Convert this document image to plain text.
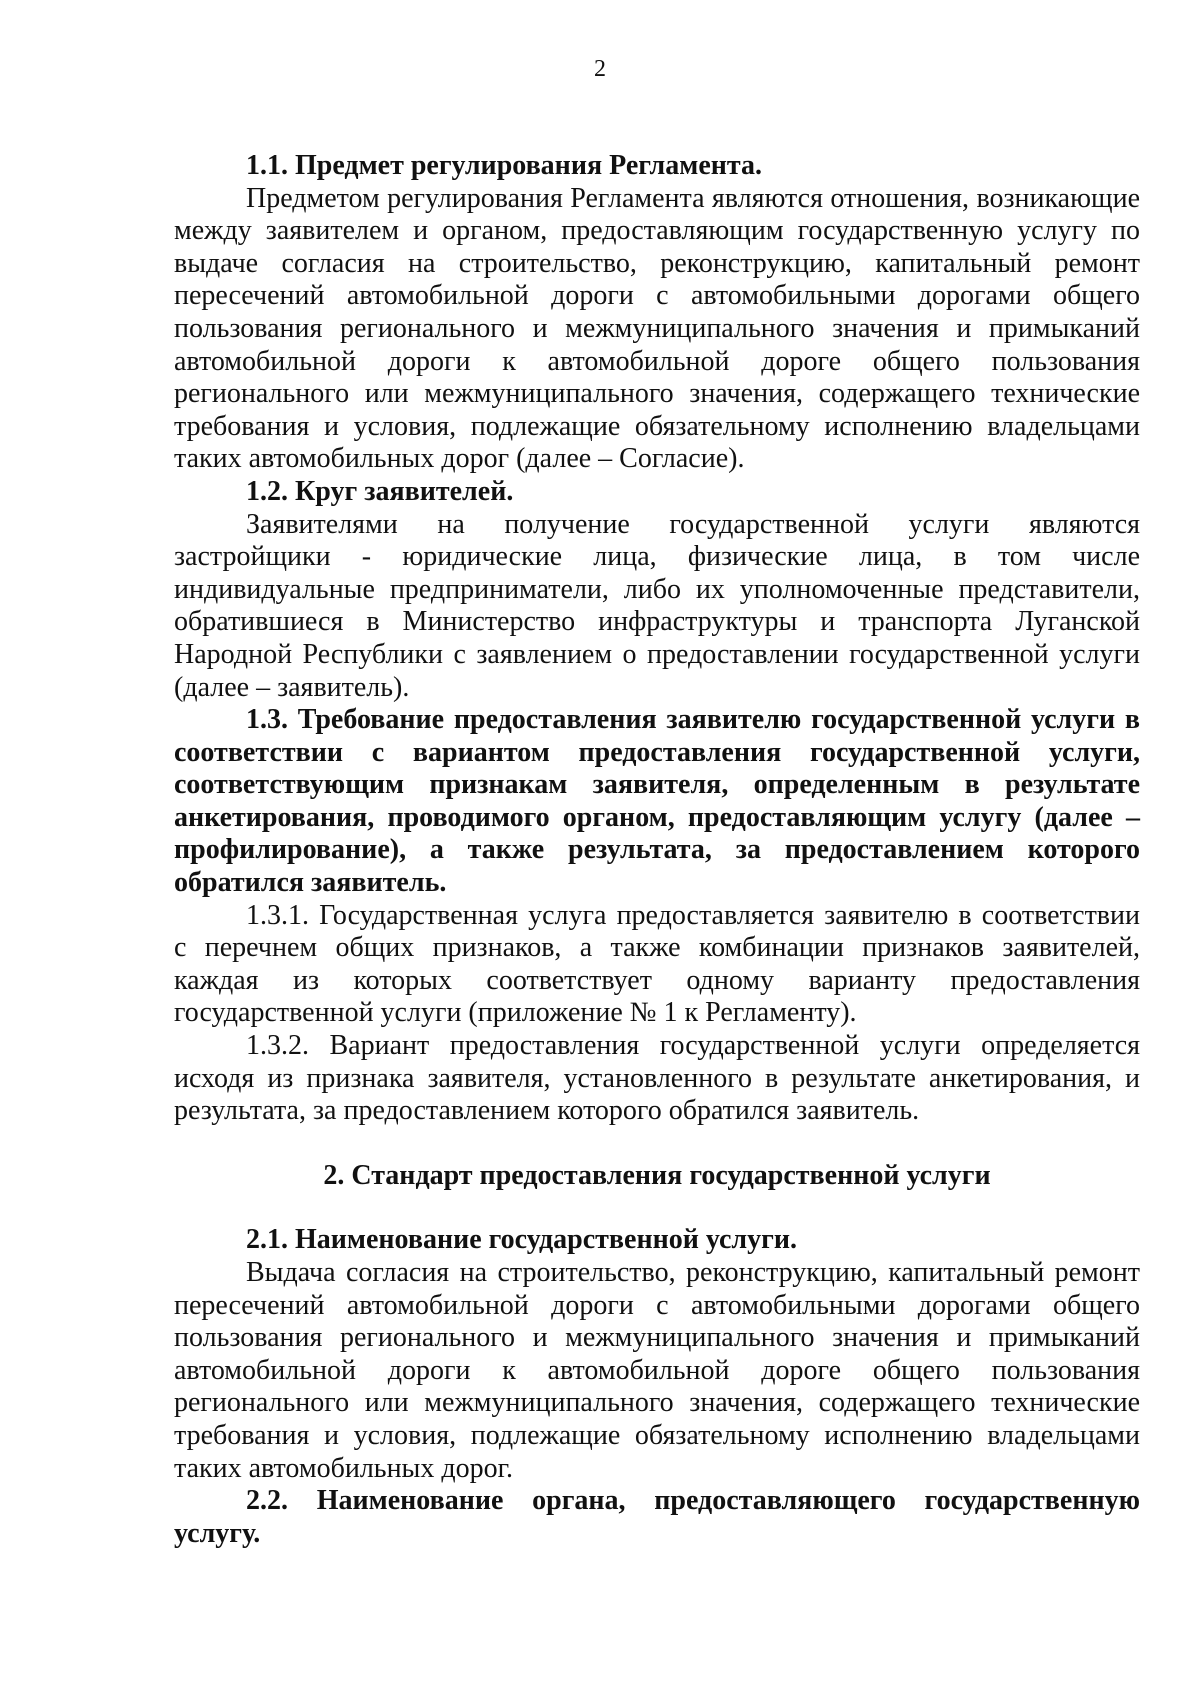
2

1.1. Предмет регулирования Регламента.

Предметом регулирования Регламента являются отношения, возникающие между заявителем и органом, предоставляющим государственную услугу по выдаче согласия на строительство, реконструкцию, капитальный ремонт пересечений автомобильной дороги с автомобильными дорогами общего пользования регионального и межмуниципального значения и примыканий автомобильной дороги к автомобильной дороге общего пользования регионального или межмуниципального значения, содержащего технические требования и условия, подлежащие обязательному исполнению владельцами таких автомобильных дорог (далее – Согласие).

1.2. Круг заявителей.

Заявителями на получение государственной услуги являются застройщики - юридические лица, физические лица, в том числе индивидуальные предприниматели, либо их уполномоченные представители, обратившиеся в Министерство инфраструктуры и транспорта Луганской Народной Республики с заявлением о предоставлении государственной услуги (далее – заявитель).

1.3. Требование предоставления заявителю государственной услуги в соответствии с вариантом предоставления государственной услуги, соответствующим признакам заявителя, определенным в результате анкетирования, проводимого органом, предоставляющим услугу (далее – профилирование), а также результата, за предоставлением которого обратился заявитель.

1.3.1. Государственная услуга предоставляется заявителю в соответствии с перечнем общих признаков, а также комбинации признаков заявителей, каждая из которых соответствует одному варианту предоставления государственной услуги (приложение № 1 к Регламенту).

1.3.2. Вариант предоставления государственной услуги определяется исходя из признака заявителя, установленного в результате анкетирования, и результата, за предоставлением которого обратился заявитель.

2. Стандарт предоставления государственной услуги

2.1. Наименование государственной услуги.

Выдача согласия на строительство, реконструкцию, капитальный ремонт пересечений автомобильной дороги с автомобильными дорогами общего пользования регионального и межмуниципального значения и примыканий автомобильной дороги к автомобильной дороге общего пользования регионального или межмуниципального значения, содержащего технические требования и условия, подлежащие обязательному исполнению владельцами таких автомобильных дорог.

2.2. Наименование органа, предоставляющего государственную услугу.
